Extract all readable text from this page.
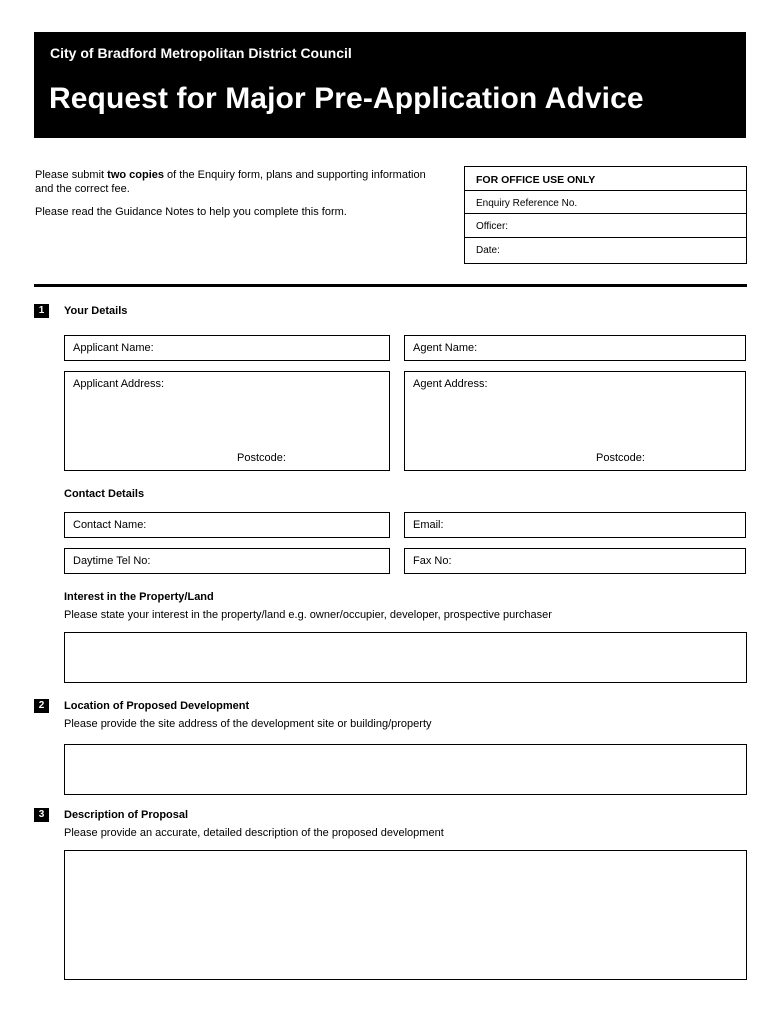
City of Bradford Metropolitan District Council
Request for Major Pre-Application Advice
Please submit two copies of the Enquiry form, plans and supporting information and the correct fee.
Please read the Guidance Notes to help you complete this form.
FOR OFFICE USE ONLY
Enquiry Reference No.
Officer:
Date:
1	Your Details
Applicant Name:	Agent Name:
Applicant Address:
Postcode:
Agent Address:
Postcode:
Contact Details
Contact Name:	Email:
Daytime Tel No:	Fax No:
Interest in the Property/Land
Please state your interest in the property/land e.g. owner/occupier, developer, prospective purchaser
2	Location of Proposed Development
Please provide the site address of the development site or building/property
3	Description of Proposal
Please provide an accurate, detailed description of the proposed development
